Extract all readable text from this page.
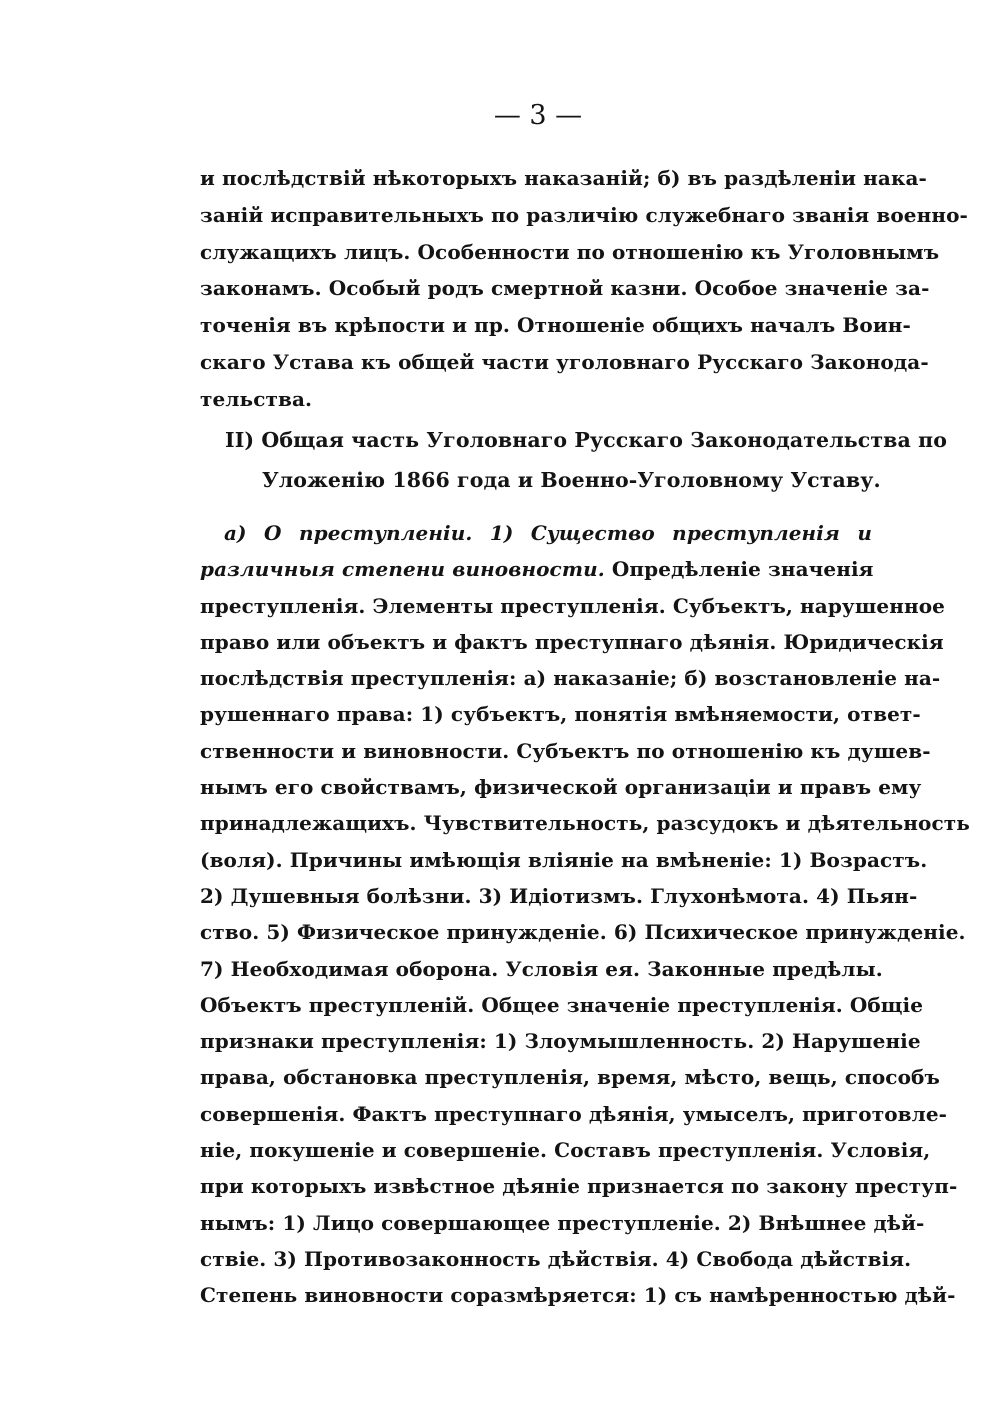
— 3 —
и послѣдствій нѣкоторыхъ наказаній; б) въ раздѣленіи нака-
заній исправительныхъ по различію служебнаго званія военно-
служащихъ лицъ. Особенности по отношенію къ Уголовнымъ
законамъ. Особый родъ смертной казни. Особое значеніе за-
точенія въ крѣпости и пр. Отношеніе общихъ началъ Воин-
скаго Устава къ общей части уголовнаго Русскаго Законода-
тельства.
II) Общая часть Уголовнаго Русскаго Законодательства по
Уложенію 1866 года и Военно-Уголовному Уставу.
а) О преступленіи. 1) Существо преступленія и
различныя степени виновности. Опредѣленіе значенія
преступленія. Элементы преступленія. Субъектъ, нарушенное
право или объектъ и фактъ преступнаго дѣянія. Юридическія
послѣдствія преступленія: а) наказаніе; б) возстановленіе на-
рушеннаго права: 1) субъектъ, понятія вмѣняемости, ответ-
ственности и виновности. Субъектъ по отношенію къ душев-
нымъ его свойствамъ, физической организаціи и правъ ему
принадлежащихъ. Чувствительность, разсудокъ и дѣятельность
(воля). Причины имѣющія вліяніе на вмѣненіе: 1) Возрастъ.
2) Душевныя болѣзни. 3) Идіотизмъ. Глухонѣмота. 4) Пьян-
ство. 5) Физическое принужденіе. 6) Психическое принужденіе.
7) Необходимая оборона. Условія ея. Законные предѣлы.
Объектъ преступленій. Общее значеніе преступленія. Общіе
признаки преступленія: 1) Злоумышленность. 2) Нарушеніе
права, обстановка преступленія, время, мѣсто, вещь, способъ
совершенія. Фактъ преступнаго дѣянія, умыселъ, приготовле-
ніе, покушеніе и совершеніе. Составъ преступленія. Условія,
при которыхъ извѣстное дѣяніе признается по закону преступ-
нымъ: 1) Лицо совершающее преступленіе. 2) Внѣшнее дѣй-
ствіе. 3) Противозаконность дѣйствія. 4) Свобода дѣйствія.
Степень виновности соразмѣряется: 1) съ намѣренностью дѣй-
